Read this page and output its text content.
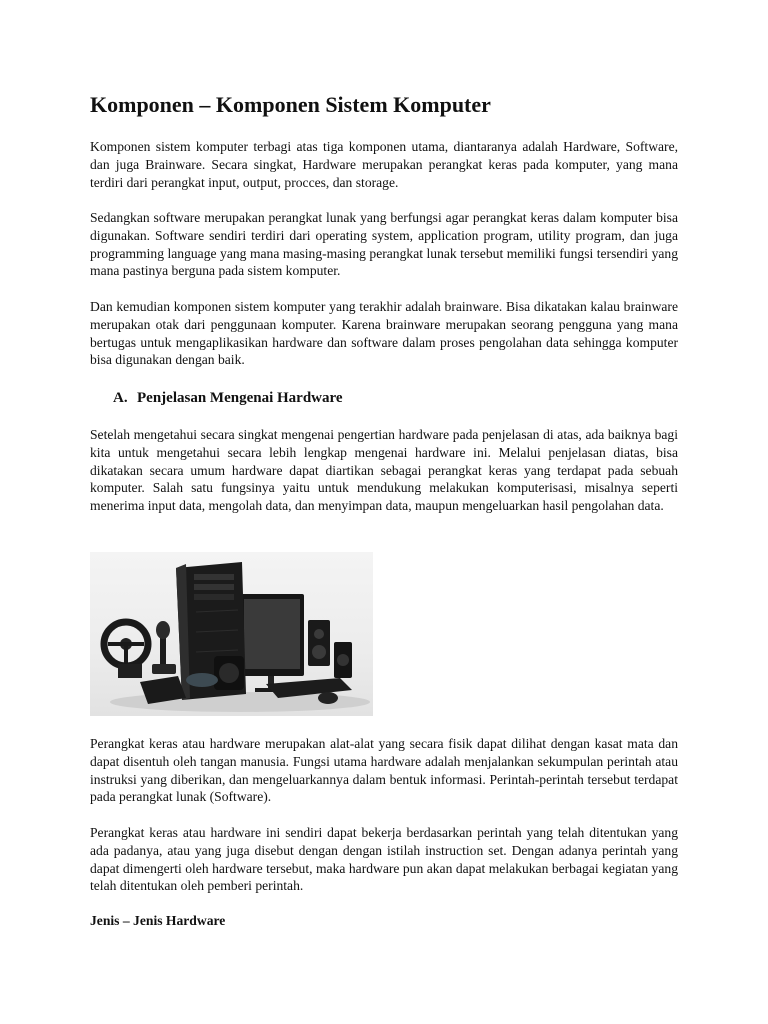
Komponen – Komponen Sistem Komputer

Komponen sistem komputer terbagi atas tiga komponen utama, diantaranya adalah Hardware, Software, dan juga Brainware. Secara singkat, Hardware merupakan perangkat keras pada komputer, yang mana terdiri dari perangkat input, output, procces, dan storage.

Sedangkan software merupakan perangkat lunak yang berfungsi agar perangkat keras dalam komputer bisa digunakan. Software sendiri terdiri dari operating system, application program, utility program, dan juga programming language yang mana masing-masing perangkat lunak tersebut memiliki fungsi tersendiri yang mana pastinya berguna pada sistem komputer.

Dan kemudian komponen sistem komputer yang terakhir adalah brainware. Bisa dikatakan kalau brainware merupakan otak dari penggunaan komputer. Karena brainware merupakan seorang pengguna yang mana bertugas untuk mengaplikasikan hardware dan software dalam proses pengolahan data sehingga komputer bisa digunakan dengan baik.

A. Penjelasan Mengenai Hardware

Setelah mengetahui secara singkat mengenai pengertian hardware pada penjelasan di atas, ada baiknya bagi kita untuk mengetahui secara lebih lengkap mengenai hardware ini. Melalui penjelasan diatas, bisa dikatakan secara umum hardware dapat diartikan sebagai perangkat keras yang terdapat pada sebuah komputer. Salah satu fungsinya yaitu untuk mendukung melakukan komputerisasi, misalnya seperti menerima input data, mengolah data, dan menyimpan data, maupun mengeluarkan hasil pengolahan data.

Perangkat keras atau hardware merupakan alat-alat yang secara fisik dapat dilihat dengan kasat mata dan dapat disentuh oleh tangan manusia. Fungsi utama hardware adalah menjalankan sekumpulan perintah atau instruksi yang diberikan, dan mengeluarkannya dalam bentuk informasi. Perintah-perintah tersebut terdapat pada perangkat lunak (Software).

Perangkat keras atau hardware ini sendiri dapat bekerja berdasarkan perintah yang telah ditentukan yang ada padanya, atau yang juga disebut dengan dengan istilah instruction set. Dengan adanya perintah yang dapat dimengerti oleh hardware tersebut, maka hardware pun akan dapat melakukan berbagai kegiatan yang telah ditentukan oleh pemberi perintah.

Jenis – Jenis Hardware
